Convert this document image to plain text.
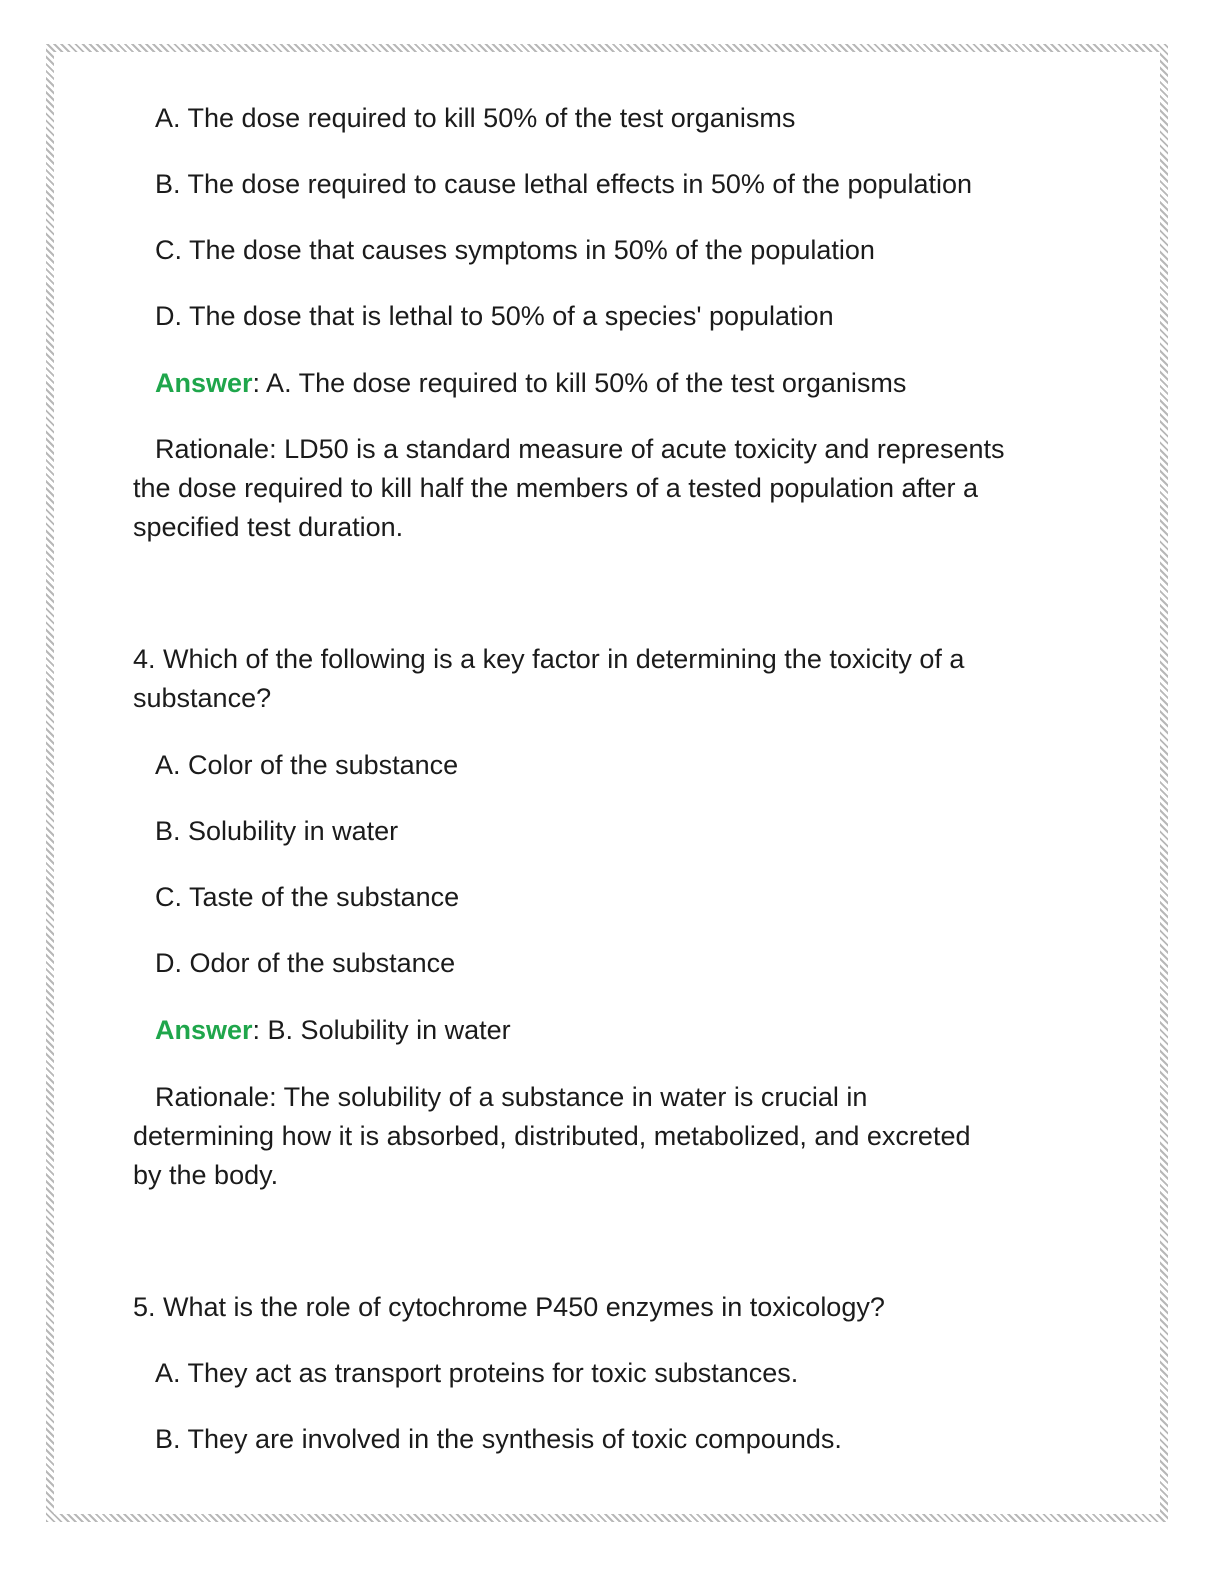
A. The dose required to kill 50% of the test organisms
B. The dose required to cause lethal effects in 50% of the population
C. The dose that causes symptoms in 50% of the population
D. The dose that is lethal to 50% of a species' population
Answer: A. The dose required to kill 50% of the test organisms
Rationale: LD50 is a standard measure of acute toxicity and represents
the dose required to kill half the members of a tested population after a
specified test duration.
4. Which of the following is a key factor in determining the toxicity of a
substance?
A. Color of the substance
B. Solubility in water
C. Taste of the substance
D. Odor of the substance
Answer: B. Solubility in water
Rationale: The solubility of a substance in water is crucial in
determining how it is absorbed, distributed, metabolized, and excreted
by the body.
5. What is the role of cytochrome P450 enzymes in toxicology?
A. They act as transport proteins for toxic substances.
B. They are involved in the synthesis of toxic compounds.
